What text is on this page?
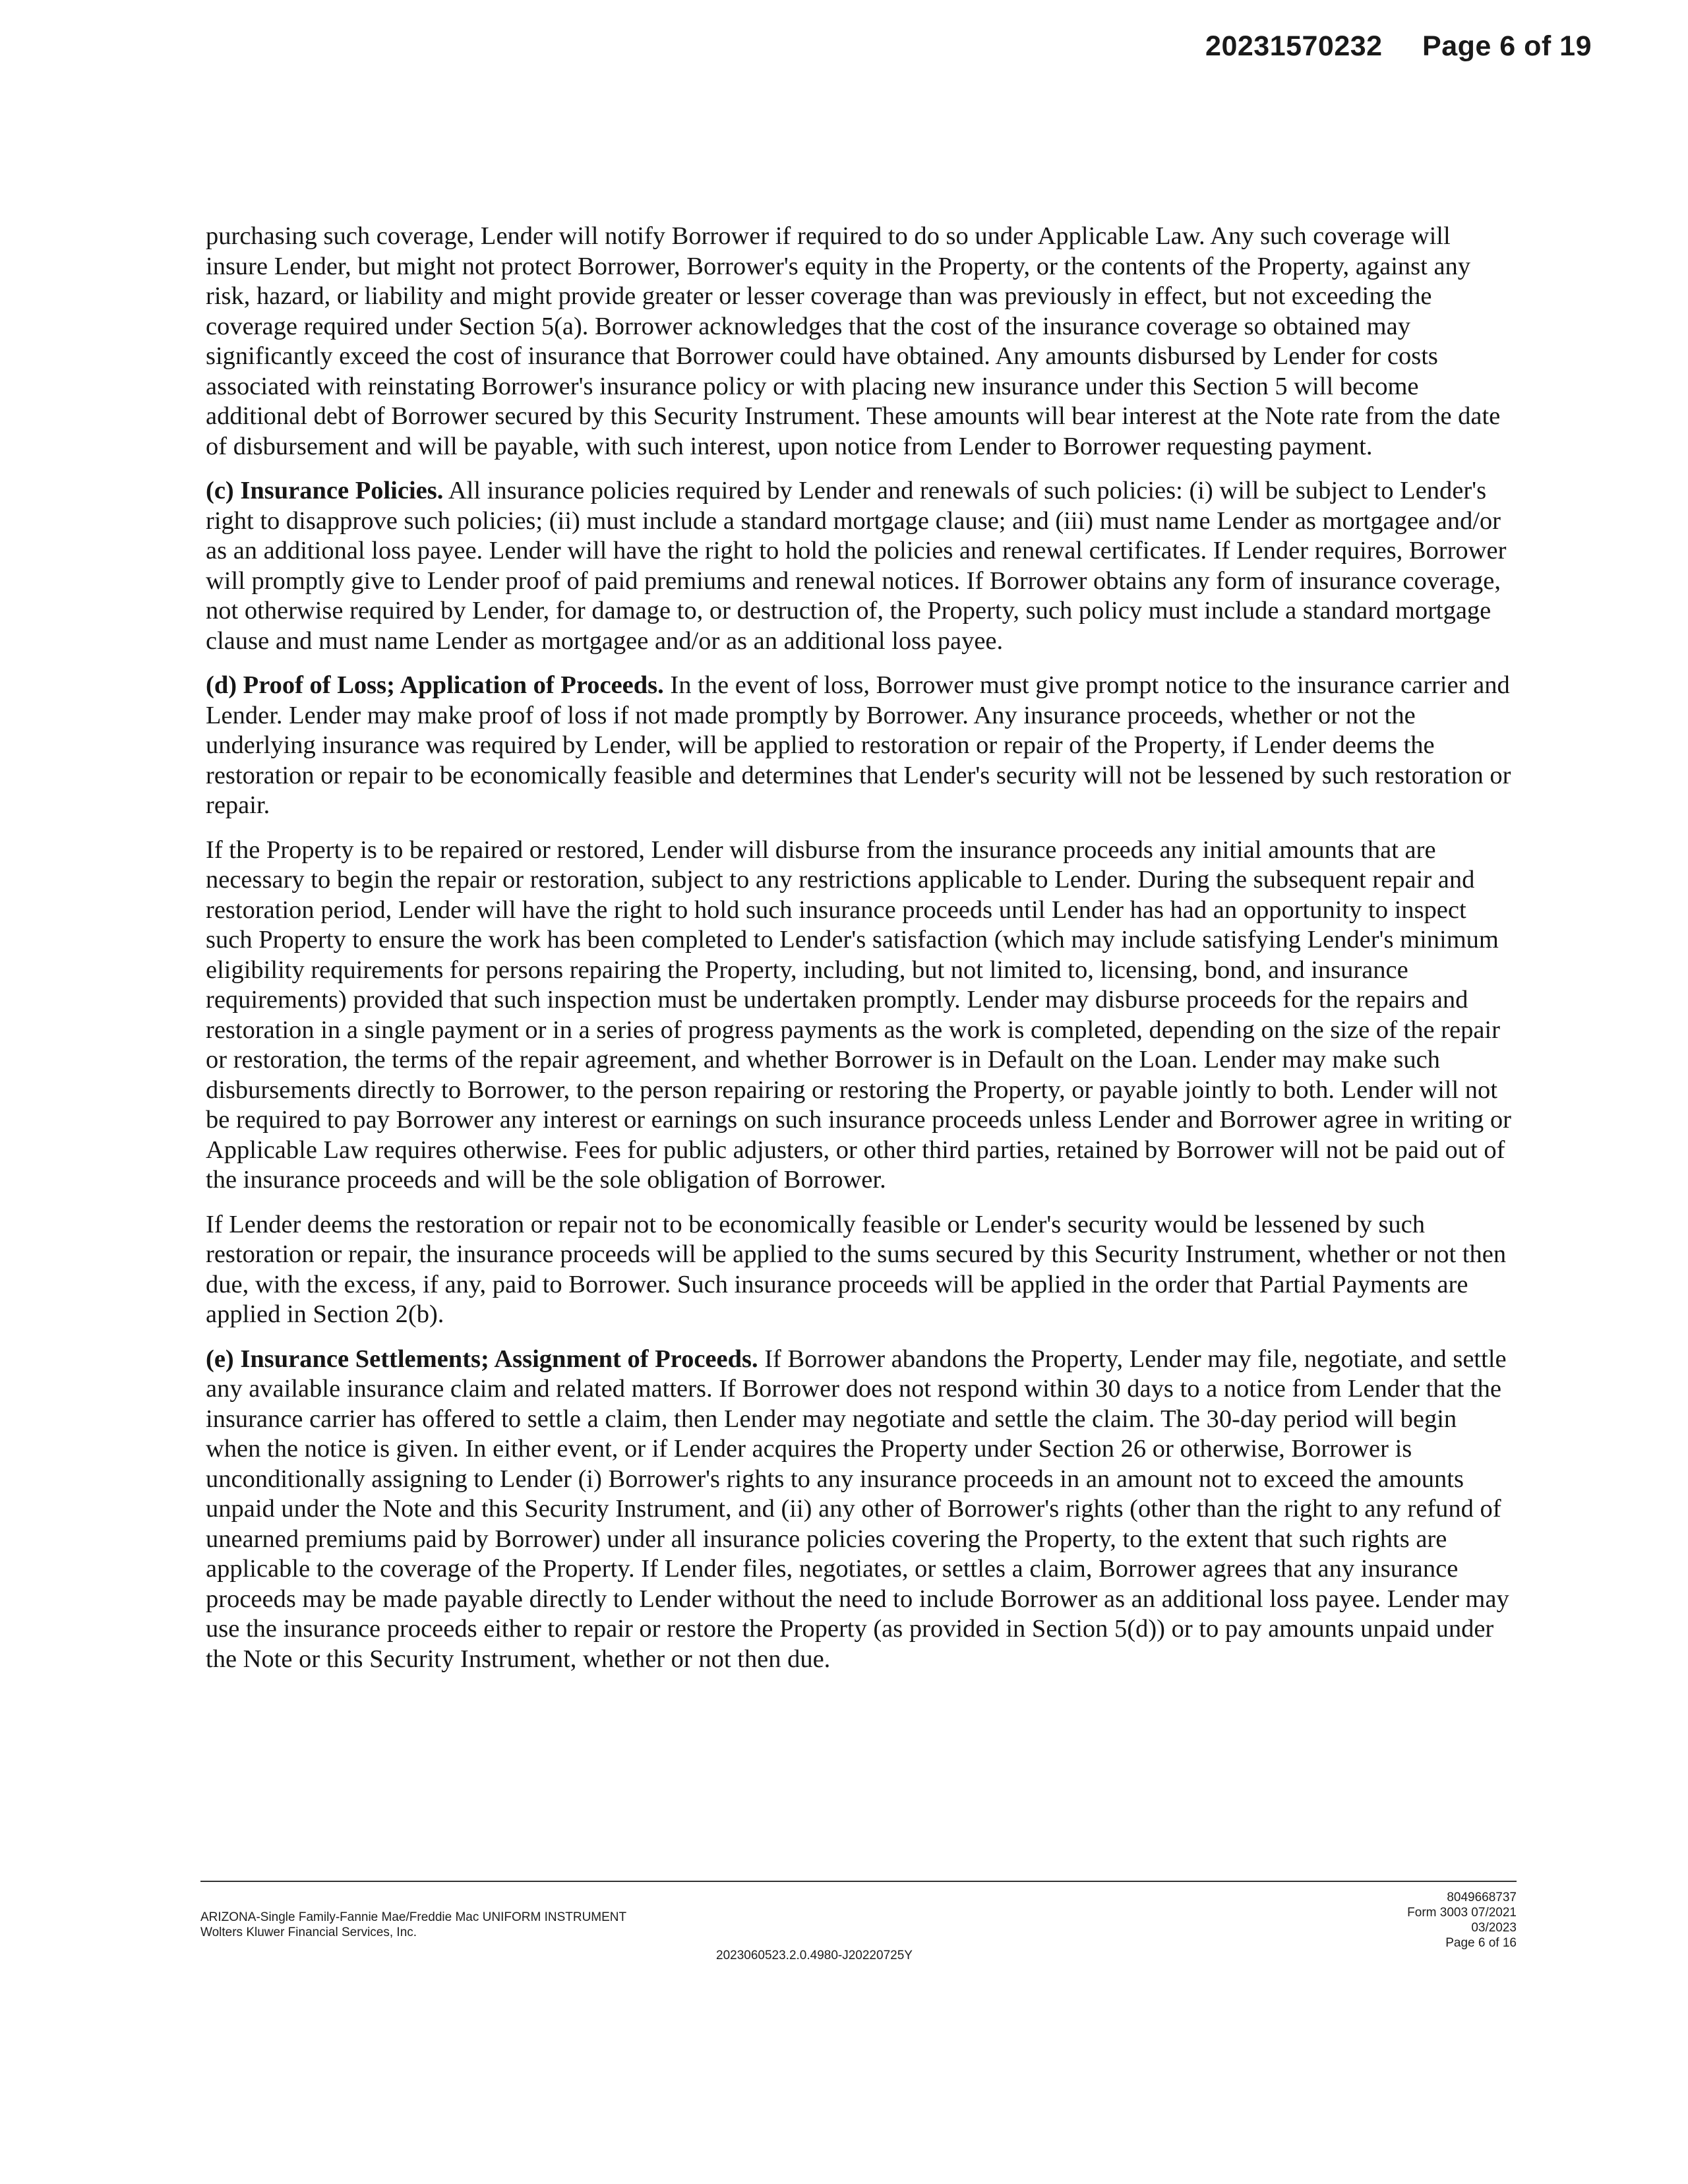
20231570232 Page 6 of 19

purchasing such coverage, Lender will notify Borrower if required to do so under Applicable Law. Any such coverage will insure Lender, but might not protect Borrower, Borrower's equity in the Property, or the contents of the Property, against any risk, hazard, or liability and might provide greater or lesser coverage than was previously in effect, but not exceeding the coverage required under Section 5(a). Borrower acknowledges that the cost of the insurance coverage so obtained may significantly exceed the cost of insurance that Borrower could have obtained. Any amounts disbursed by Lender for costs associated with reinstating Borrower's insurance policy or with placing new insurance under this Section 5 will become additional debt of Borrower secured by this Security Instrument. These amounts will bear interest at the Note rate from the date of disbursement and will be payable, with such interest, upon notice from Lender to Borrower requesting payment.

(c) Insurance Policies. All insurance policies required by Lender and renewals of such policies: (i) will be subject to Lender's right to disapprove such policies; (ii) must include a standard mortgage clause; and (iii) must name Lender as mortgagee and/or as an additional loss payee. Lender will have the right to hold the policies and renewal certificates. If Lender requires, Borrower will promptly give to Lender proof of paid premiums and renewal notices. If Borrower obtains any form of insurance coverage, not otherwise required by Lender, for damage to, or destruction of, the Property, such policy must include a standard mortgage clause and must name Lender as mortgagee and/or as an additional loss payee.

(d) Proof of Loss; Application of Proceeds. In the event of loss, Borrower must give prompt notice to the insurance carrier and Lender. Lender may make proof of loss if not made promptly by Borrower. Any insurance proceeds, whether or not the underlying insurance was required by Lender, will be applied to restoration or repair of the Property, if Lender deems the restoration or repair to be economically feasible and determines that Lender's security will not be lessened by such restoration or repair.

If the Property is to be repaired or restored, Lender will disburse from the insurance proceeds any initial amounts that are necessary to begin the repair or restoration, subject to any restrictions applicable to Lender. During the subsequent repair and restoration period, Lender will have the right to hold such insurance proceeds until Lender has had an opportunity to inspect such Property to ensure the work has been completed to Lender's satisfaction (which may include satisfying Lender's minimum eligibility requirements for persons repairing the Property, including, but not limited to, licensing, bond, and insurance requirements) provided that such inspection must be undertaken promptly. Lender may disburse proceeds for the repairs and restoration in a single payment or in a series of progress payments as the work is completed, depending on the size of the repair or restoration, the terms of the repair agreement, and whether Borrower is in Default on the Loan. Lender may make such disbursements directly to Borrower, to the person repairing or restoring the Property, or payable jointly to both. Lender will not be required to pay Borrower any interest or earnings on such insurance proceeds unless Lender and Borrower agree in writing or Applicable Law requires otherwise. Fees for public adjusters, or other third parties, retained by Borrower will not be paid out of the insurance proceeds and will be the sole obligation of Borrower.

If Lender deems the restoration or repair not to be economically feasible or Lender's security would be lessened by such restoration or repair, the insurance proceeds will be applied to the sums secured by this Security Instrument, whether or not then due, with the excess, if any, paid to Borrower. Such insurance proceeds will be applied in the order that Partial Payments are applied in Section 2(b).

(e) Insurance Settlements; Assignment of Proceeds. If Borrower abandons the Property, Lender may file, negotiate, and settle any available insurance claim and related matters. If Borrower does not respond within 30 days to a notice from Lender that the insurance carrier has offered to settle a claim, then Lender may negotiate and settle the claim. The 30-day period will begin when the notice is given. In either event, or if Lender acquires the Property under Section 26 or otherwise, Borrower is unconditionally assigning to Lender (i) Borrower's rights to any insurance proceeds in an amount not to exceed the amounts unpaid under the Note and this Security Instrument, and (ii) any other of Borrower's rights (other than the right to any refund of unearned premiums paid by Borrower) under all insurance policies covering the Property, to the extent that such rights are applicable to the coverage of the Property. If Lender files, negotiates, or settles a claim, Borrower agrees that any insurance proceeds may be made payable directly to Lender without the need to include Borrower as an additional loss payee. Lender may use the insurance proceeds either to repair or restore the Property (as provided in Section 5(d)) or to pay amounts unpaid under the Note or this Security Instrument, whether or not then due.

ARIZONA-Single Family-Fannie Mae/Freddie Mac UNIFORM INSTRUMENT
Wolters Kluwer Financial Services, Inc.
2023060523.2.0.4980-J20220725Y
8049668737
Form 3003 07/2021
03/2023
Page 6 of 16
